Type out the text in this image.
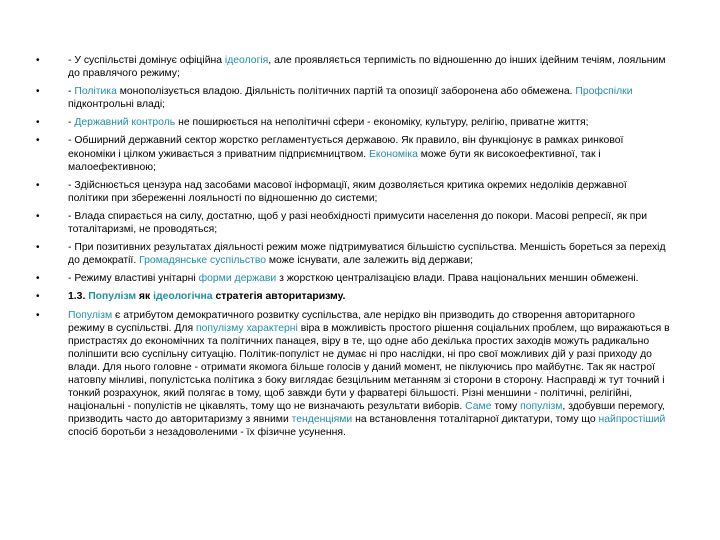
•	- У суспільстві домінує офіційна ідеологія, але проявляється терпимість по відношенню до інших ідейним течіям, лояльним до правлячого режиму;
•	- Політика монополізується владою. Діяльність політичних партій та опозиції заборонена або обмежена. Профспілки підконтрольні владі;
•	- Державний контроль не поширюється на неполітичні сфери - економіку, культуру, релігію, приватне життя;
•	- Обширний державний сектор жорстко регламентується державою. Як правило, він функціонує в рамках ринкової економіки і цілком уживається з приватним підприємництвом. Економіка може бути як високоефективної, так і малоефективною;
•	- Здійснюється цензура над засобами масової інформації, яким дозволяється критика окремих недоліків державної політики при збереженні лояльності по відношенню до системи;
•	- Влада спирається на силу, достатню, щоб у разі необхідності примусити населення до покори. Масові репресії, як при тоталітаризмі, не проводяться;
•	- При позитивних результатах діяльності режим може підтримуватися більшістю суспільства. Меншість бореться за перехід до демократії. Громадянське суспільство може існувати, але залежить від держави;
•	- Режиму властиві унітарні форми держави з жорсткою централізацією влади. Права національних меншин обмежені.
•	1.3. Популізм як ідеологічна стратегія авторитаризму.
•	Популізм є атрибутом демократичного розвитку суспільства, але нерідко він призводить до створення авторитарного режиму в суспільстві. Для популізму характерні віра в можливість простого рішення соціальних проблем, що виражаються в пристрастях до економічних та політичних панацея, віру в те, що одне або декілька простих заходів можуть радикально поліпшити всю суспільну ситуацію. Політик-популіст не думає ні про наслідки, ні про свої можливих дій у разі приходу до влади. Для нього головне - отримати якомога більше голосів у даний момент, не піклуючись про майбутнє. Так як настрої натовпу мінливі, популістська політика з боку виглядає безцільним метанням зі сторони в сторону. Насправді ж тут точний і тонкий розрахунок, який полягає в тому, щоб завжди бути у фарватері більшості. Різні меншини - політичні, релігійні, національні - популістів не цікавлять, тому що не визначають результати виборів. Саме тому популізм, здобувши перемогу, призводить часто до авторитаризму з явними тенденціями на встановлення тоталітарної диктатури, тому що найпростіший спосіб боротьби з незадоволеними - їх фізичне усунення.
